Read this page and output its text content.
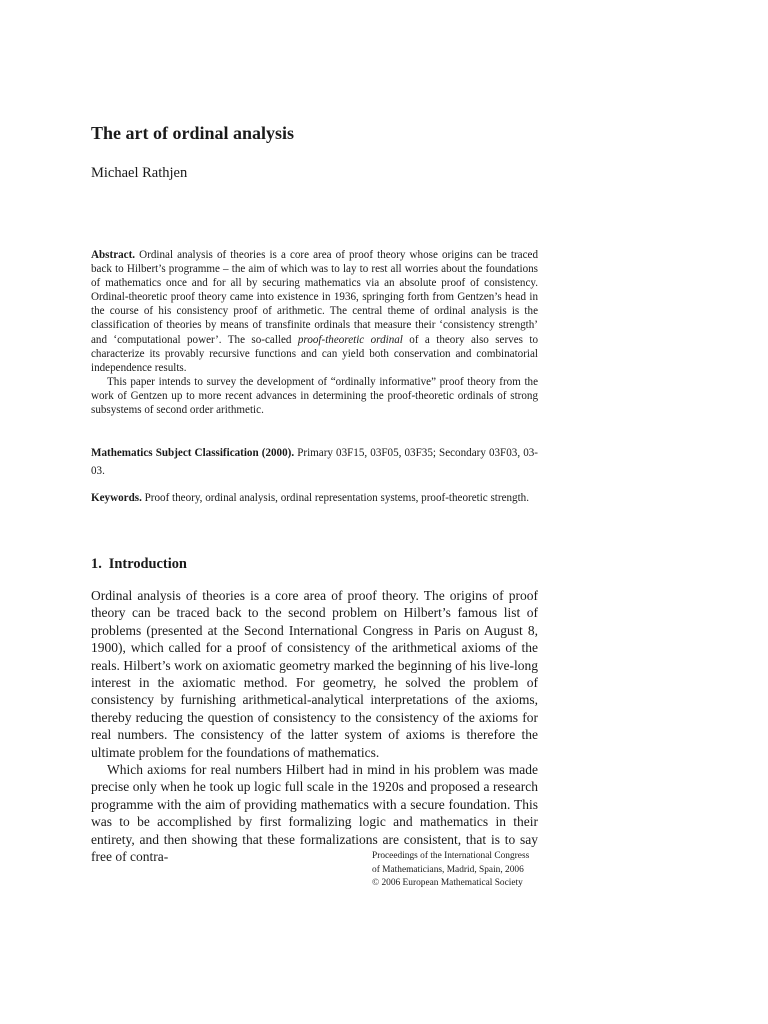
The art of ordinal analysis
Michael Rathjen

Abstract. Ordinal analysis of theories is a core area of proof theory whose origins can be traced back to Hilbert’s programme – the aim of which was to lay to rest all worries about the foundations of mathematics once and for all by securing mathematics via an absolute proof of consistency. Ordinal-theoretic proof theory came into existence in 1936, springing forth from Gentzen’s head in the course of his consistency proof of arithmetic. The central theme of ordinal analysis is the classification of theories by means of transfinite ordinals that measure their ‘consistency strength’ and ‘computational power’. The so-called proof-theoretic ordinal of a theory also serves to characterize its provably recursive functions and can yield both conservation and combinatorial independence results.

This paper intends to survey the development of “ordinally informative” proof theory from the work of Gentzen up to more recent advances in determining the proof-theoretic ordinals of strong subsystems of second order arithmetic.

Mathematics Subject Classification (2000). Primary 03F15, 03F05, 03F35; Secondary 03F03, 03-03.

Keywords. Proof theory, ordinal analysis, ordinal representation systems, proof-theoretic strength.

1. Introduction

Ordinal analysis of theories is a core area of proof theory. The origins of proof theory can be traced back to the second problem on Hilbert’s famous list of problems (presented at the Second International Congress in Paris on August 8, 1900), which called for a proof of consistency of the arithmetical axioms of the reals. Hilbert’s work on axiomatic geometry marked the beginning of his live-long interest in the axiomatic method. For geometry, he solved the problem of consistency by furnishing arithmetical-analytical interpretations of the axioms, thereby reducing the question of consistency to the consistency of the axioms for real numbers. The consistency of the latter system of axioms is therefore the ultimate problem for the foundations of mathematics.

Which axioms for real numbers Hilbert had in mind in his problem was made precise only when he took up logic full scale in the 1920s and proposed a research programme with the aim of providing mathematics with a secure foundation. This was to be accomplished by first formalizing logic and mathematics in their entirety, and then showing that these formalizations are consistent, that is to say free of contra-	Proceedings of the International Congress
of Mathematicians, Madrid, Spain, 2006
© 2006 European Mathematical Society
